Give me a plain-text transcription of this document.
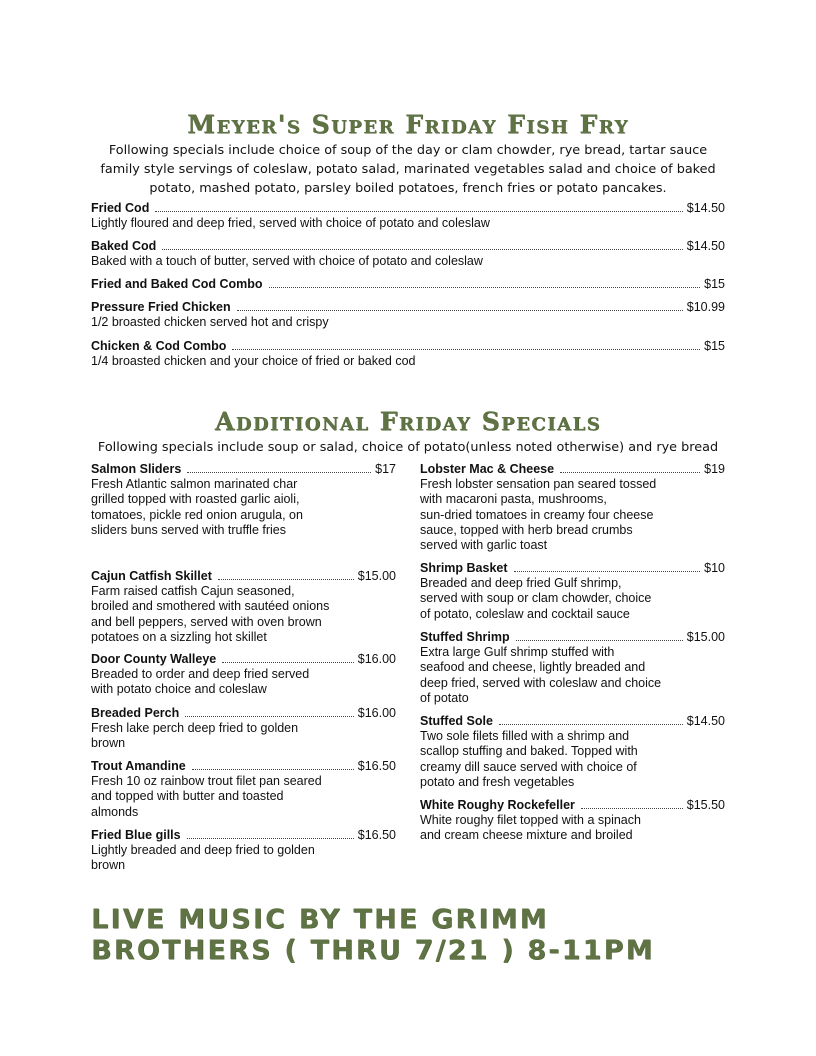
Meyer's Super Friday Fish Fry
Following specials include choice of soup of the day or clam chowder, rye bread, tartar sauce family style servings of coleslaw, potato salad, marinated vegetables salad and choice of baked potato, mashed potato, parsley boiled potatoes, french fries or potato pancakes.
Fried Cod	$14.50
Lightly floured and deep fried, served with choice of potato and coleslaw
Baked Cod	$14.50
Baked with a touch of butter, served with choice of potato and coleslaw
Fried and Baked Cod Combo	$15
Pressure Fried Chicken	$10.99
1/2 broasted chicken served hot and crispy
Chicken & Cod Combo	$15
1/4 broasted chicken and your choice of fried or baked cod
Additional Friday Specials
Following specials include soup or salad, choice of potato(unless noted otherwise) and rye bread
Salmon Sliders	$17
Fresh Atlantic salmon marinated char
grilled topped with roasted garlic aioli,
tomatoes, pickle red onion arugula, on
sliders buns served with truffle fries
Cajun Catfish Skillet	$15.00
Farm raised catfish Cajun seasoned,
broiled and smothered with sautéed onions
and bell peppers, served with oven brown
potatoes on a sizzling hot skillet
Door County Walleye	$16.00
Breaded to order and deep fried served
with potato choice and coleslaw
Breaded Perch	$16.00
Fresh lake perch deep fried to golden
brown
Trout Amandine	$16.50
Fresh 10 oz rainbow trout filet pan seared
and topped with butter and toasted
almonds
Fried Blue gills	$16.50
Lightly breaded and deep fried to golden
brown
Lobster Mac & Cheese	$19
Fresh lobster sensation pan seared tossed
with macaroni pasta, mushrooms,
sun-dried tomatoes in creamy four cheese
sauce, topped with herb bread crumbs
served with garlic toast
Shrimp Basket	$10
Breaded and deep fried Gulf shrimp,
served with soup or clam chowder, choice
of potato, coleslaw and cocktail sauce
Stuffed Shrimp	$15.00
Extra large Gulf shrimp stuffed with
seafood and cheese, lightly breaded and
deep fried, served with coleslaw and choice
of potato
Stuffed Sole	$14.50
Two sole filets filled with a shrimp and
scallop stuffing and baked. Topped with
creamy dill sauce served with choice of
potato and fresh vegetables
White Roughy Rockefeller	$15.50
White roughy filet topped with a spinach
and cream cheese mixture and broiled
LIVE MUSIC BY THE GRIMM
BROTHERS ( THRU 7/21 ) 8-11PM
